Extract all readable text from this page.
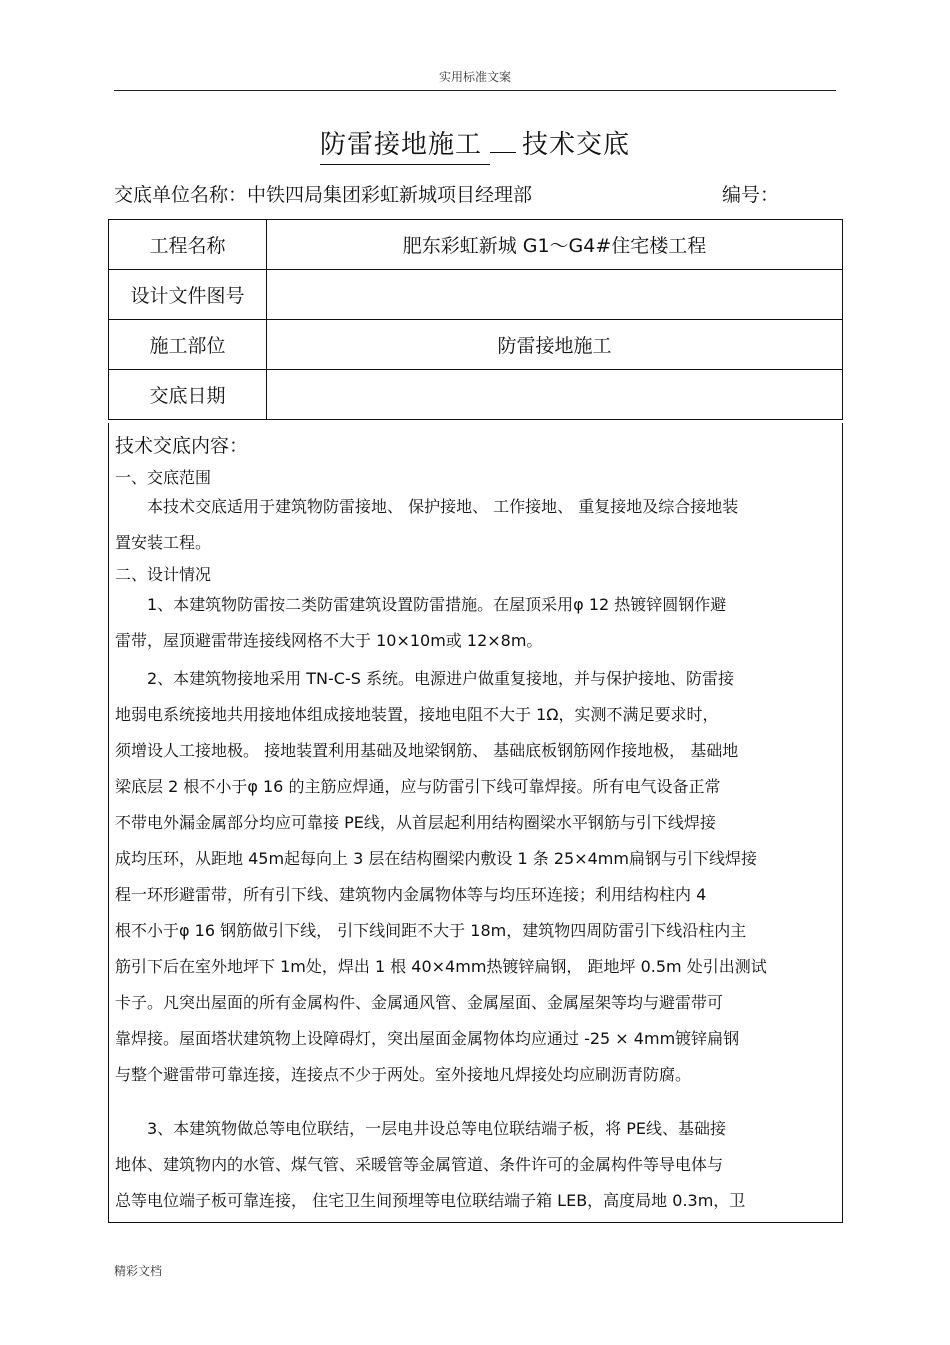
实用标准文案
防雷接地施工 技术交底
交底单位名称：中铁四局集团彩虹新城项目经理部	编号：
工程名称	肥东彩虹新城 G1～G4#住宅楼工程
设计文件图号	
施工部位	防雷接地施工
交底日期	
技术交底内容：
一、交底范围
本技术交底适用于建筑物防雷接地、 保护接地、 工作接地、 重复接地及综合接地装
置安装工程。
二、设计情况
1、本建筑物防雷按二类防雷建筑设置防雷措施。在屋顶采用φ 12 热镀锌圆钢作避
雷带，屋顶避雷带连接线网格不大于 10×10m或 12×8m。
2、本建筑物接地采用 TN-C-S 系统。电源进户做重复接地，并与保护接地、防雷接
地弱电系统接地共用接地体组成接地装置，接地电阻不大于 1Ω，实测不满足要求时，
须增设人工接地极。 接地装置利用基础及地梁钢筋、 基础底板钢筋网作接地极， 基础地
梁底层 2 根不小于φ 16 的主筋应焊通，应与防雷引下线可靠焊接。所有电气设备正常
不带电外漏金属部分均应可靠接 PE线，从首层起利用结构圈梁水平钢筋与引下线焊接
成均压环，从距地 45m起每向上 3 层在结构圈梁内敷设 1 条 25×4mm扁钢与引下线焊接
程一环形避雷带，所有引下线、建筑物内金属物体等与均压环连接；利用结构柱内 4
根不小于φ 16 钢筋做引下线， 引下线间距不大于 18m，建筑物四周防雷引下线沿柱内主
筋引下后在室外地坪下 1m处，焊出 1 根 40×4mm热镀锌扁钢， 距地坪 0.5m 处引出测试
卡子。凡突出屋面的所有金属构件、金属通风管、金属屋面、金属屋架等均与避雷带可
靠焊接。屋面塔状建筑物上设障碍灯，突出屋面金属物体均应通过 -25 × 4mm镀锌扁钢
与整个避雷带可靠连接，连接点不少于两处。室外接地凡焊接处均应刷沥青防腐。
3、本建筑物做总等电位联结，一层电井设总等电位联结端子板，将 PE线、基础接
地体、建筑物内的水管、煤气管、采暖管等金属管道、条件许可的金属构件等导电体与
总等电位端子板可靠连接， 住宅卫生间预埋等电位联结端子箱 LEB，高度局地 0.3m，卫
精彩文档
